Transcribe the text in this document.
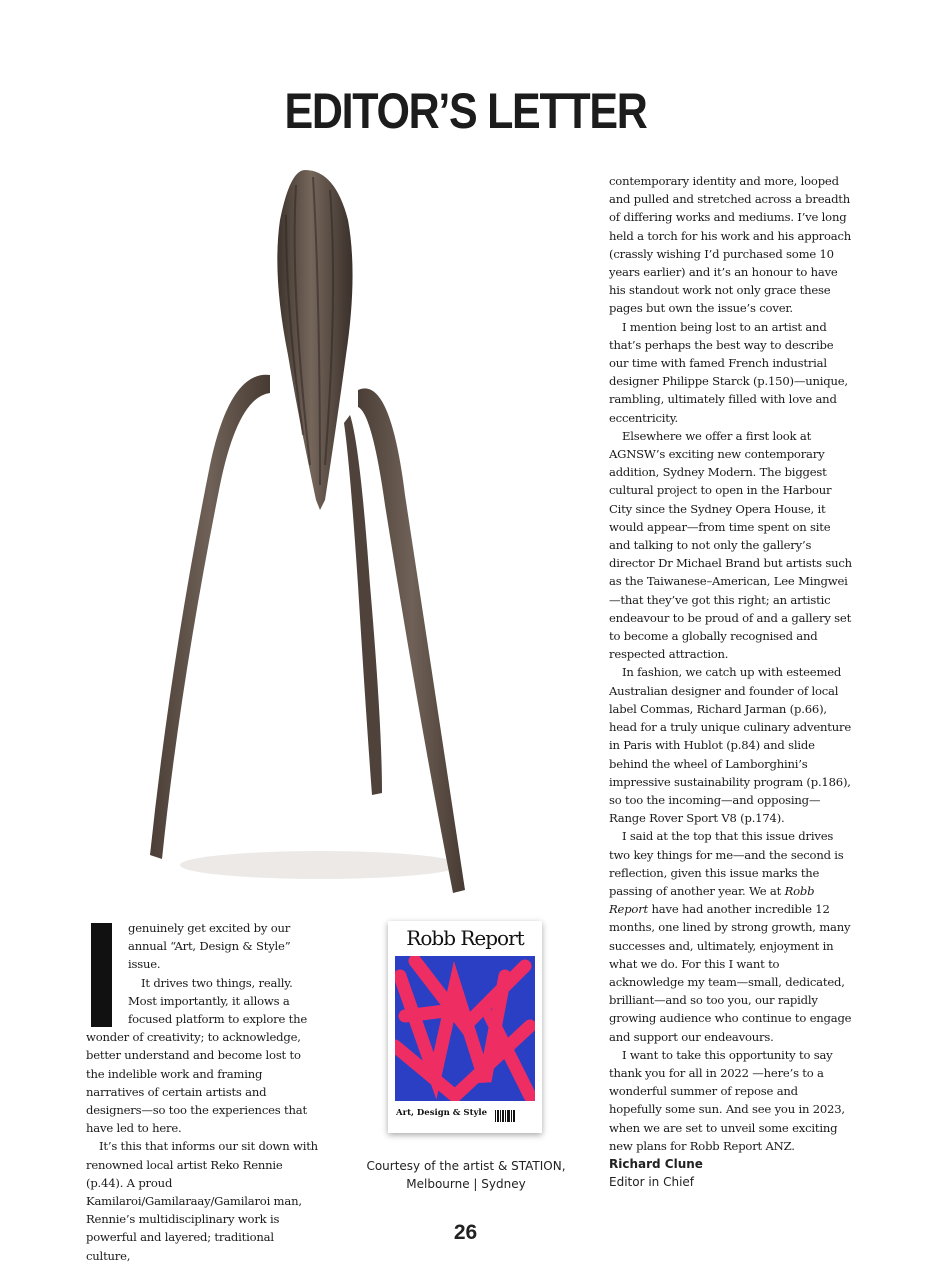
EDITOR’S LETTER

genuinely get excited by our annual “Art, Design & Style” issue.

It drives two things, really. Most importantly, it allows a focused platform to explore the wonder of creativity; to acknowledge, better understand and become lost to the indelible work and framing narratives of certain artists and designers—so too the experiences that have led to here.

It’s this that informs our sit down with renowned local artist Reko Rennie (p.44). A proud Kamilaroi/Gamilaraay/Gamilaroi man, Rennie’s multidisciplinary work is powerful and layered; traditional culture,

Robb Report
Art, Design & Style
Courtesy of the artist & STATION,
Melbourne | Sydney

contemporary identity and more, looped and pulled and stretched across a breadth of differing works and mediums. I’ve long held a torch for his work and his approach (crassly wishing I’d purchased some 10 years earlier) and it’s an honour to have his standout work not only grace these pages but own the issue’s cover.

I mention being lost to an artist and that’s perhaps the best way to describe our time with famed French industrial designer Philippe Starck (p.150)—unique, rambling, ultimately filled with love and eccentricity.

Elsewhere we offer a first look at AGNSW’s exciting new contemporary addition, Sydney Modern. The biggest cultural project to open in the Harbour City since the Sydney Opera House, it would appear—from time spent on site and talking to not only the gallery’s director Dr Michael Brand but artists such as the Taiwanese–American, Lee Mingwei—that they’ve got this right; an artistic endeavour to be proud of and a gallery set to become a globally recognised and respected attraction.

In fashion, we catch up with esteemed Australian designer and founder of local label Commas, Richard Jarman (p.66), head for a truly unique culinary adventure in Paris with Hublot (p.84) and slide behind the wheel of Lamborghini’s impressive sustainability program (p.186), so too the incoming—and opposing—Range Rover Sport V8 (p.174).

I said at the top that this issue drives two key things for me—and the second is reflection, given this issue marks the passing of another year. We at Robb Report have had another incredible 12 months, one lined by strong growth, many successes and, ultimately, enjoyment in what we do. For this I want to acknowledge my team—small, dedicated, brilliant—and so too you, our rapidly growing audience who continue to engage and support our endeavours.

I want to take this opportunity to say thank you for all in 2022 —here’s to a wonderful summer of repose and hopefully some sun. And see you in 2023, when we are set to unveil some exciting new plans for Robb Report ANZ.

Richard Clune
Editor in Chief
26
